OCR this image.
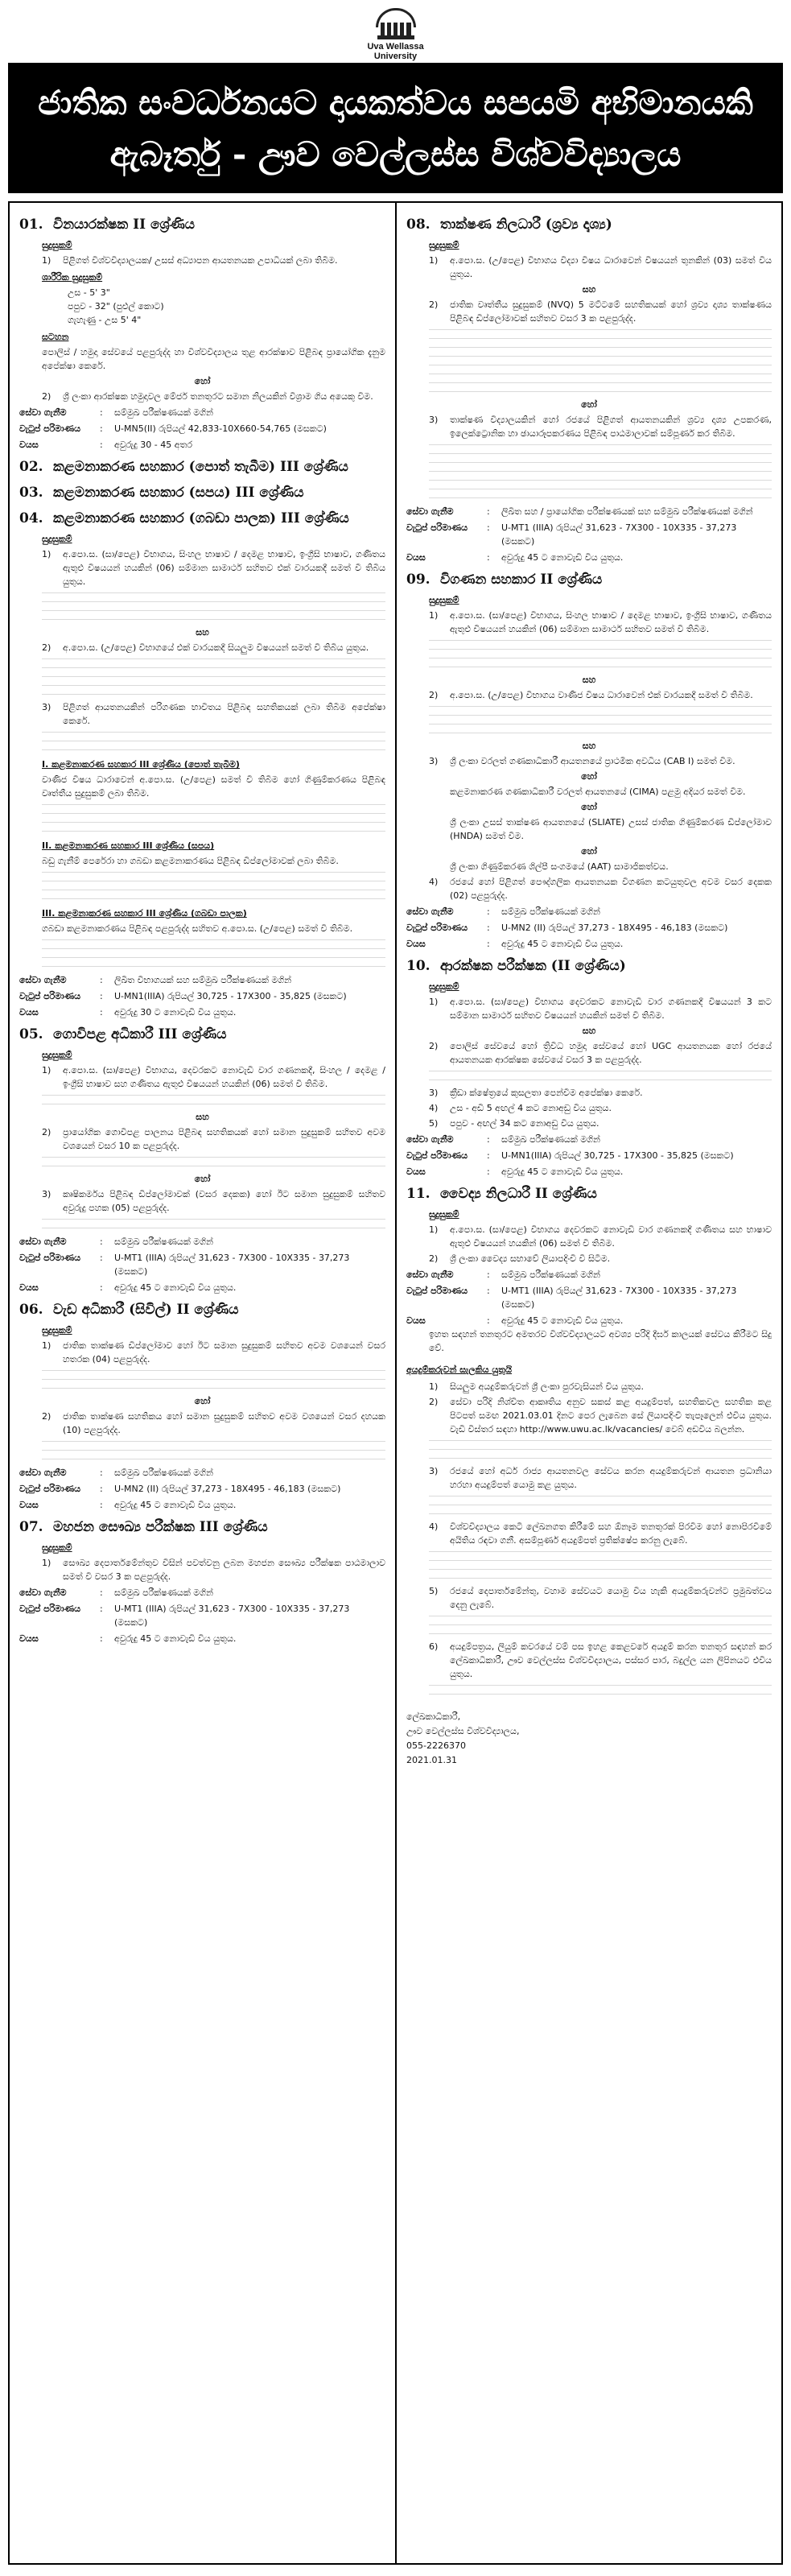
Uva Wellassa
University
ජාතික සංවර්ධනයට දායකත්වය සපයමි අභිමානයකි
ඇබෑර්තු - ඌව වෙල්ලස්ස විශ්වවිද්‍යාලය
01. විනයාරක්ෂක II ශ්‍රේණිය
සුදුසුකම්
1)	පිළිගත් විශ්වවිද්‍යාලයක/ උසස් අධ්‍යාපන ආයතනයක උපාධියක් ලබා තිබීම.
ශාරීරික සුදුසුකම්
උස - 5' 3"
පපුව - 32" (පුළුල් කොට)
ගැහැණු - උස 5' 4"
සටහන
පොලිස් / හමුදා සේවයේ පළපුරුද්ද හා විශ්වවිද්‍යාලය තුළ ආරක්ෂාව පිළිබඳ ප්‍රායෝගික දැනුම අපේක්ෂා කෙරේ.
හෝ
2)	ශ්‍රී ලංකා ආරක්ෂක හමුදාවල මේජර් තනතුරට සමාන නිලයකින් විශ්‍රාම ගිය අයෙකු වීම.
සේවා ගැනීම	:	සම්මුඛ පරීක්ෂණයක් මගින්
වැටුප් පරිමාණය	:	U-MN5(II) රුපියල් 42,833-10X660-54,765 (මසකට)
වයස	:	අවුරුදු 30 - 45 අතර
02. කළමනාකරණ සහකාර (පොත් තැබීම) III ශ්‍රේණිය
03. කළමනාකරණ සහකාර (සපය) III ශ්‍රේණිය
04. කළමනාකරණ සහකාර (ගබඩා පාලක) III ශ්‍රේණිය
සුදුසුකම්
1)	අ.පො.ස. (සා/පෙළ) විභාගය, සිංහල භාෂාව / දෙමළ භාෂාව, ඉංග්‍රීසි භාෂාව, ගණිතය ඇතුළු විෂයයන් හයකින් (06) සම්මාන සාමාර්ථ සහිතව එක් වාරයකදී සමත් වී තිබිය යුතුය.
සහ
2)	අ.පො.ස. (උ/පෙළ) විභාගයේ එක් වාරයකදී සියලුම විෂයයන් සමත් වී තිබිය යුතුය.
3)	පිළිගත් ආයතනයකින් පරිගණක භාවිතය පිළිබඳ සහතිකයක් ලබා තිබීම අපේක්ෂා කෙරේ.
I. කළමනාකරණ සහකාර III ශ්‍රේණිය (පොත් තැබීම)
වාණිජ විෂය ධාරාවෙන් අ.පො.ස. (උ/පෙළ) සමත් වී තිබීම හෝ ගිණුම්කරණය පිළිබඳ වෘත්තීය සුදුසුකම් ලබා තිබීම.
II. කළමනාකරණ සහකාර III ශ්‍රේණිය (සපය)
බඩු ගැනීම් පෙරේරා හා ගබඩා කළමනාකරණය පිළිබඳ ඩිප්ලෝමාවක් ලබා තිබීම.
III. කළමනාකරණ සහකාර III ශ්‍රේණිය (ගබඩා පාලක)
ගබඩා කළමනාකරණය පිළිබඳ පළපුරුද්ද සහිතව අ.පො.ස. (උ/පෙළ) සමත් වී තිබීම.
සේවා ගැනීම	:	ලිඛිත විභාගයක් සහ සම්මුඛ පරීක්ෂණයක් මගින්
වැටුප් පරිමාණය	:	U-MN1(IIIA) රුපියල් 30,725 - 17X300 - 35,825 (මසකට)
වයස	:	අවුරුදු 30 ට නොවැඩි විය යුතුය.
05. ගොවිපළ අධිකාරී III ශ්‍රේණිය
සුදුසුකම්
1)	අ.පො.ස. (සා/පෙළ) විභාගය, දෙවරකට නොවැඩි වාර ගණනකදී, සිංහල / දෙමළ / ඉංග්‍රීසි භාෂාව සහ ගණිතය ඇතුළු විෂයයන් හයකින් (06) සමත් වී තිබීම.
සහ
2)	ප්‍රායෝගික ගොවිපළ පාලනය පිළිබඳ සහතිකයක් හෝ සමාන සුදුසුකම් සහිතව අවම වශයෙන් වසර 10 ක පළපුරුද්ද.
හෝ
3)	කෘෂිකර්මය පිළිබඳ ඩිප්ලෝමාවක් (වසර දෙකක) හෝ ඊට සමාන සුදුසුකම් සහිතව අවුරුදු පහක (05) පළපුරුද්ද.
සේවා ගැනීම	:	සම්මුඛ පරීක්ෂණයක් මගින්
වැටුප් පරිමාණය	:	U-MT1 (IIIA) රුපියල් 31,623 - 7X300 - 10X335 - 37,273 (මසකට)
වයස	:	අවුරුදු 45 ට නොවැඩි විය යුතුය.
06. වැඩ අධිකාරී (සිවිල්) II ශ්‍රේණිය
සුදුසුකම්
1)	ජාතික තාක්ෂණ ඩිප්ලෝමාව හෝ ඊට සමාන සුදුසුකම් සහිතව අවම වශයෙන් වසර හතරක (04) පළපුරුද්ද.
හෝ
2)	ජාතික තාක්ෂණ සහතිකය හෝ සමාන සුදුසුකම් සහිතව අවම වශයෙන් වසර දහයක (10) පළපුරුද්ද.
සේවා ගැනීම	:	සම්මුඛ පරීක්ෂණයක් මගින්
වැටුප් පරිමාණය	:	U-MN2 (II) රුපියල් 37,273 - 18X495 - 46,183 (මසකට)
වයස	:	අවුරුදු 45 ට නොවැඩි විය යුතුය.
07. මහජන සෞඛ්‍ය පරීක්ෂක III ශ්‍රේණිය
සුදුසුකම්
1)	සෞඛ්‍ය දෙපාර්තමේන්තුව විසින් පවත්වනු ලබන මහජන සෞඛ්‍ය පරීක්ෂක පාඨමාලාව සමත් වී වසර 3 ක පළපුරුද්ද.
සේවා ගැනීම	:	සම්මුඛ පරීක්ෂණයක් මගින්
වැටුප් පරිමාණය	:	U-MT1 (IIIA) රුපියල් 31,623 - 7X300 - 10X335 - 37,273 (මසකට)
වයස	:	අවුරුදු 45 ට නොවැඩි විය යුතුය.
08. තාක්ෂණ නිලධාරී (ශ්‍රව්‍ය දෘශ්‍ය)
සුදුසුකම්
1)	අ.පො.ස. (උ/පෙළ) විභාගය විද්‍යා විෂය ධාරාවෙන් විෂයයන් තුනකින් (03) සමත් විය යුතුය.
සහ
2)	ජාතික වෘත්තීය සුදුසුකම් (NVQ) 5 මට්ටමේ සහතිකයක් හෝ ශ්‍රව්‍ය දෘශ්‍ය තාක්ෂණය පිළිබඳ ඩිප්ලෝමාවක් සහිතව වසර 3 ක පළපුරුද්ද.
හෝ
3)	තාක්ෂණ විද්‍යාලයකින් හෝ රජයේ පිළිගත් ආයතනයකින් ශ්‍රව්‍ය දෘශ්‍ය උපකරණ, ඉලෙක්ට්‍රොනික හා ඡායාරූපකරණය පිළිබඳ පාඨමාලාවක් සම්පූර්ණ කර තිබීම.
සේවා ගැනීම	:	ලිඛිත සහ / ප්‍රායෝගික පරීක්ෂණයක් සහ සම්මුඛ පරීක්ෂණයක් මගින්
වැටුප් පරිමාණය	:	U-MT1 (IIIA) රුපියල් 31,623 - 7X300 - 10X335 - 37,273 (මසකට)
වයස	:	අවුරුදු 45 ට නොවැඩි විය යුතුය.
09. විගණන සහකාර II ශ්‍රේණිය
සුදුසුකම්
1)	අ.පො.ස. (සා/පෙළ) විභාගය, සිංහල භාෂාව / දෙමළ භාෂාව, ඉංග්‍රීසි භාෂාව, ගණිතය ඇතුළු විෂයයන් හයකින් (06) සම්මාන සාමාර්ථ සහිතව සමත් වී තිබීම.
සහ
2)	අ.පො.ස. (උ/පෙළ) විභාගය වාණිජ විෂය ධාරාවෙන් එක් වාරයකදී සමත් වී තිබීම.
සහ
3)	ශ්‍රී ලංකා වරලත් ගණකාධිකාරී ආයතනයේ ප්‍රාථමික අවධිය (CAB I) සමත් වීම.
හෝ
කළමනාකරණ ගණකාධිකාරී වරලත් ආයතනයේ (CIMA) පළමු අදියර සමත් වීම.
හෝ
ශ්‍රී ලංකා උසස් තාක්ෂණ ආයතනයේ (SLIATE) උසස් ජාතික ගිණුම්කරණ ඩිප්ලෝමාව (HNDA) සමත් වීම.
හෝ
ශ්‍රී ලංකා ගිණුම්කරණ ශිල්පී සංගමයේ (AAT) සාමාජිකත්වය.
4)	රජයේ හෝ පිළිගත් පෞද්ගලික ආයතනයක විගණන කටයුතුවල අවම වසර දෙකක (02) පළපුරුද්ද.
සේවා ගැනීම	:	සම්මුඛ පරීක්ෂණයක් මගින්
වැටුප් පරිමාණය	:	U-MN2 (II) රුපියල් 37,273 - 18X495 - 46,183 (මසකට)
වයස	:	අවුරුදු 45 ට නොවැඩි විය යුතුය.
10. ආරක්ෂක පරීක්ෂක (II ශ්‍රේණිය)
සුදුසුකම්
1)	අ.පො.ස. (සා/පෙළ) විභාගය දෙවරකට නොවැඩි වාර ගණනකදී විෂයයන් 3 කට සම්මාන සාමාර්ථ සහිතව විෂයයන් හයකින් සමත් වී තිබීම.
සහ
2)	පොලිස් සේවයේ හෝ ත්‍රිවිධ හමුදා සේවයේ හෝ UGC ආයතනයක හෝ රජයේ ආයතනයක ආරක්ෂක සේවයේ වසර 3 ක පළපුරුද්ද.
3)	ක්‍රීඩා ක්ෂේත්‍රයේ කුසලතා පෙන්වීම අපේක්ෂා කෙරේ.
4)	උස - අඩි 5 අඟල් 4 කට නොඅඩු විය යුතුය.
5)	පපුව - අඟල් 34 කට නොඅඩු විය යුතුය.
සේවා ගැනීම	:	සම්මුඛ පරීක්ෂණයක් මගින්
වැටුප් පරිමාණය	:	U-MN1(IIIA) රුපියල් 30,725 - 17X300 - 35,825 (මසකට)
වයස	:	අවුරුදු 45 ට නොවැඩි විය යුතුය.
11. වෛද්‍ය නිලධාරී II ශ්‍රේණිය
සුදුසුකම්
1)	අ.පො.ස. (සා/පෙළ) විභාගය දෙවරකට නොවැඩි වාර ගණනකදී ගණිතය සහ භාෂාව ඇතුළු විෂයයන් හයකින් (06) සමත් වී තිබීම.
2)	ශ්‍රී ලංකා වෛද්‍ය සභාවේ ලියාපදිංචි වී සිටීම.
සේවා ගැනීම	:	සම්මුඛ පරීක්ෂණයක් මගින්
වැටුප් පරිමාණය	:	U-MT1 (IIIA) රුපියල් 31,623 - 7X300 - 10X335 - 37,273 (මසකට)
වයස	:	අවුරුදු 45 ට නොවැඩි විය යුතුය.
ඉහත සඳහන් තනතුරට අමතරව විශ්වවිද්‍යාලයට අවශ්‍ය පරිදි දීර්ඝ කාලයක් සේවය කිරීමට සිදු වේ.
අයදුම්කරුවන් සැලකිය යුතුයි
1)	සියලුම අයදුම්කරුවන් ශ්‍රී ලංකා පුරවැසියන් විය යුතුය.
2)	සේවා පරිදි නිශ්චිත ආකෘතිය අනුව සකස් කළ අයදුම්පත්, සහතිකවල සහතික කළ පිටපත් සමඟ 2021.03.01 දිනට පෙර ලැබෙන සේ ලියාපදිංචි තැපෑලෙන් එවිය යුතුය. වැඩි විස්තර සඳහා http://www.uwu.ac.lk/vacancies/ වෙබ් අඩවිය බලන්න.
3)	රජයේ හෝ අර්ධ රාජ්‍ය ආයතනවල සේවය කරන අයදුම්කරුවන් ආයතන ප්‍රධානියා හරහා අයදුම්පත් යොමු කළ යුතුය.
4)	විශ්වවිද්‍යාලය කෙටි ලේඛනගත කිරීමේ සහ ඕනෑම තනතුරක් පිරවීම හෝ නොපිරවීමේ අයිතිය රඳවා ගනී. අසම්පූර්ණ අයදුම්පත් ප්‍රතික්ෂේප කරනු ලැබේ.
5)	රජයේ දෙපාර්තමේන්තු, වහාම සේවයට යොමු විය හැකි අයදුම්කරුවන්ට ප්‍රමුඛත්වය දෙනු ලැබේ.
6)	අයදුම්පත්‍රය, ලියුම් කවරයේ වම් පස ඉහළ කෙළවරේ අයදුම් කරන තනතුර සඳහන් කර ලේඛකාධිකාරී, ඌව වෙල්ලස්ස විශ්වවිද්‍යාලය, පස්සර පාර, බදුල්ල යන ලිපිනයට එවිය යුතුය.
ලේඛකාධිකාරී,
ඌව වෙල්ලස්ස විශ්වවිද්‍යාලය,
055-2226370
2021.01.31
